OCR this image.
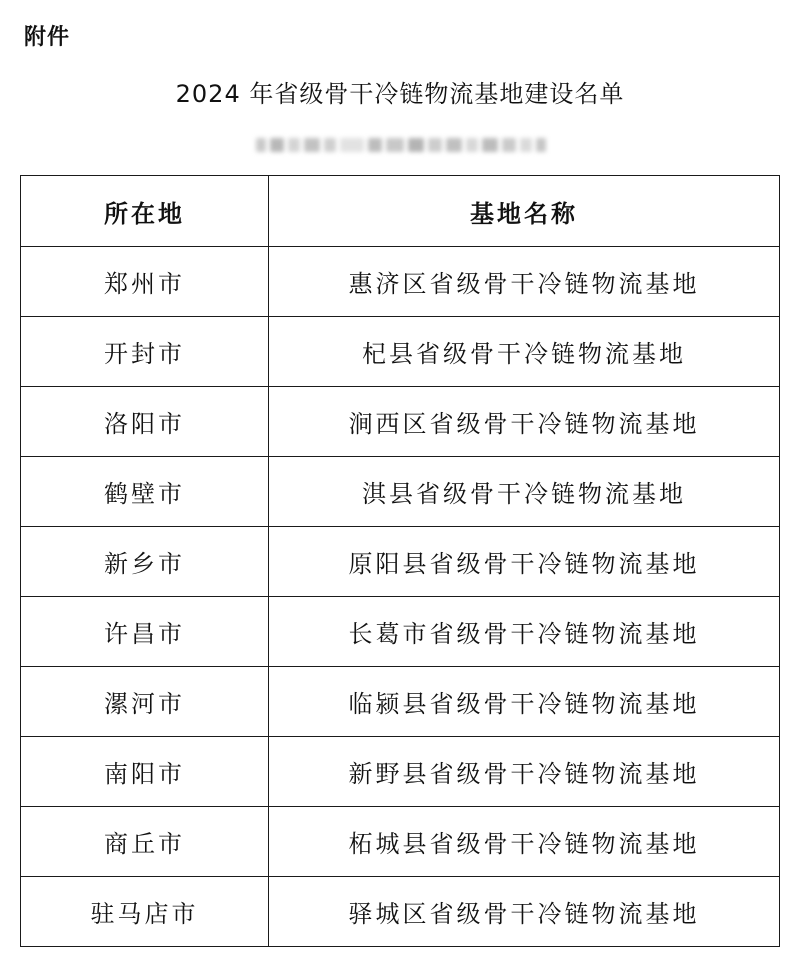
附件
2024 年省级骨干冷链物流基地建设名单
所在地	基地名称
郑州市	惠济区省级骨干冷链物流基地
开封市	杞县省级骨干冷链物流基地
洛阳市	涧西区省级骨干冷链物流基地
鹤壁市	淇县省级骨干冷链物流基地
新乡市	原阳县省级骨干冷链物流基地
许昌市	长葛市省级骨干冷链物流基地
漯河市	临颍县省级骨干冷链物流基地
南阳市	新野县省级骨干冷链物流基地
商丘市	柘城县省级骨干冷链物流基地
驻马店市	驿城区省级骨干冷链物流基地
